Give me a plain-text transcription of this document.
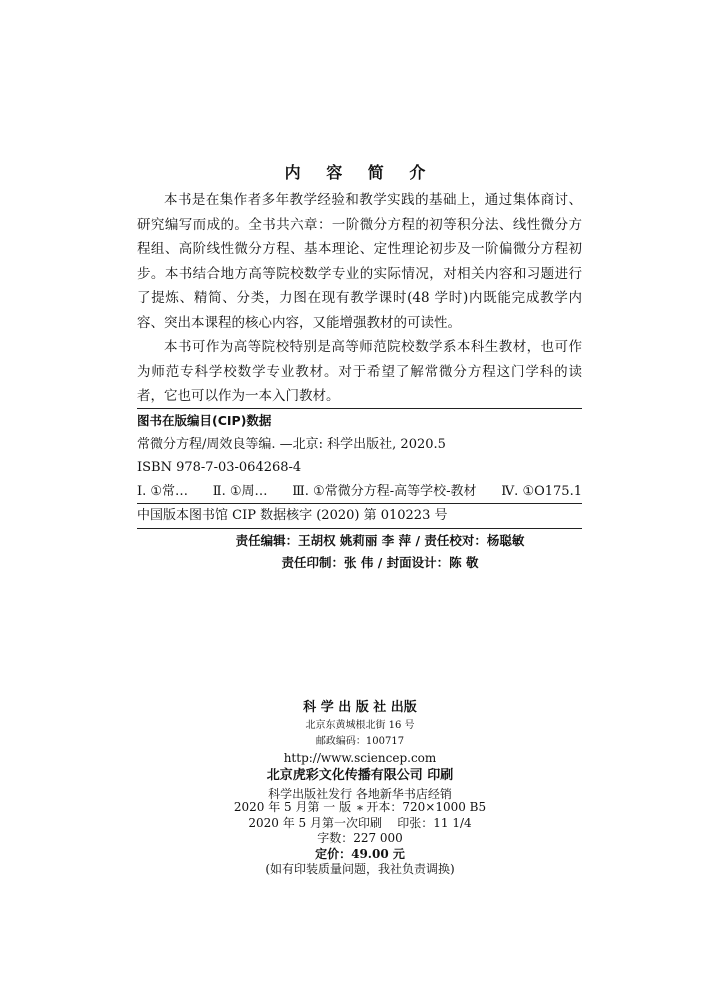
内 容 简 介

本书是在集作者多年教学经验和教学实践的基础上，通过集体商讨、研究编写而成的。全书共六章：一阶微分方程的初等积分法、线性微分方程组、高阶线性微分方程、基本理论、定性理论初步及一阶偏微分方程初步。本书结合地方高等院校数学专业的实际情况，对相关内容和习题进行了提炼、精简、分类，力图在现有教学课时(48 学时)内既能完成教学内容、突出本课程的核心内容，又能增强教材的可读性。

本书可作为高等院校特别是高等师范院校数学系本科生教材，也可作为师范专科学校数学专业教材。对于希望了解常微分方程这门学科的读者，它也可以作为一本入门教材。

图书在版编目(CIP)数据
常微分方程/周效良等编. —北京: 科学出版社, 2020.5
ISBN 978-7-03-064268-4
Ⅰ. ①常… Ⅱ. ①周… Ⅲ. ①常微分方程-高等学校-教材 Ⅳ. ①O175.1
中国版本图书馆 CIP 数据核字 (2020) 第 010223 号
责任编辑：王胡权 姚莉丽 李 萍 / 责任校对：杨聪敏
责任印制：张 伟 / 封面设计：陈 敬
科 学 出 版 社 出版
北京东黄城根北街 16 号
邮政编码：100717
http://www.sciencep.com
北京虎彩文化传播有限公司 印刷
科学出版社发行 各地新华书店经销
*
2020 年 5 月第 一 版 开本：720×1000 B5
2020 年 5 月第一次印刷 印张：11 1/4
字数：227 000
定价：49.00 元
(如有印装质量问题，我社负责调换)
